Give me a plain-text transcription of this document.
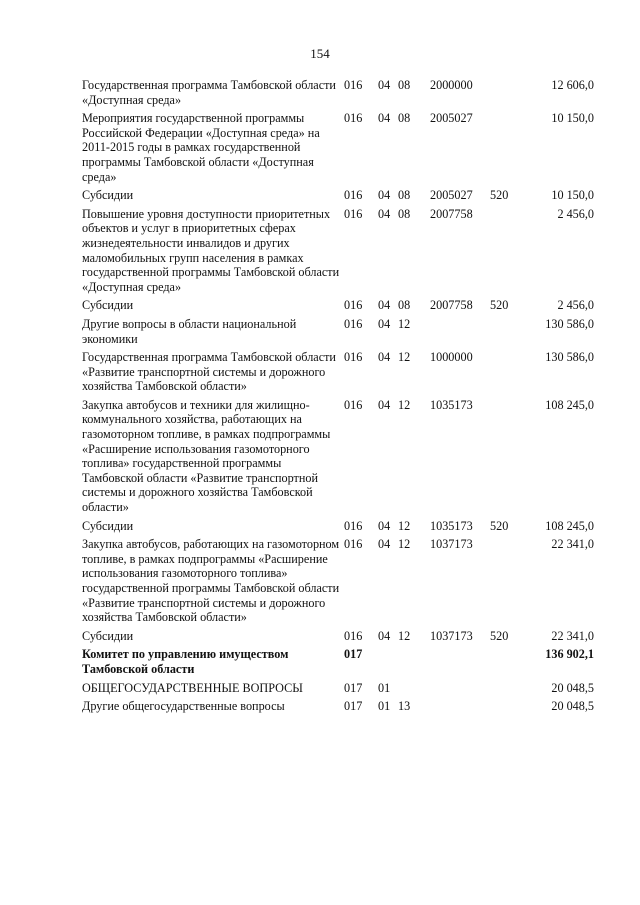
154
Государственная программа Тамбовской области «Доступная среда»	016	04	08	2000000		12 606,0
Мероприятия государственной программы Российской Федерации «Доступная среда» на 2011-2015 годы в рамках государственной программы Тамбовской области «Доступная среда»	016	04	08	2005027		10 150,0
Субсидии	016	04	08	2005027	520	10 150,0
Повышение уровня доступности приоритетных объектов и услуг в приоритетных сферах жизнедеятельности инвалидов и других маломобильных групп населения в рамках государственной программы Тамбовской области «Доступная среда»	016	04	08	2007758		2 456,0
Субсидии	016	04	08	2007758	520	2 456,0
Другие вопросы в области национальной экономики	016	04	12			130 586,0
Государственная программа Тамбовской области «Развитие транспортной системы и дорожного хозяйства Тамбовской области»	016	04	12	1000000		130 586,0
Закупка автобусов и техники для жилищно-коммунального хозяйства, работающих на газомоторном топливе, в рамках подпрограммы «Расширение использования газомоторного топлива» государственной программы Тамбовской области «Развитие транспортной системы и дорожного хозяйства Тамбовской области»	016	04	12	1035173		108 245,0
Субсидии	016	04	12	1035173	520	108 245,0
Закупка автобусов, работающих на газомоторном топливе, в рамках подпрограммы «Расширение использования газомоторного топлива» государственной программы Тамбовской области «Развитие транспортной системы и дорожного хозяйства Тамбовской области»	016	04	12	1037173		22 341,0
Субсидии	016	04	12	1037173	520	22 341,0
Комитет по управлению имуществом Тамбовской области	017					136 902,1
ОБЩЕГОСУДАРСТВЕННЫЕ ВОПРОСЫ	017	01				20 048,5
Другие общегосударственные вопросы	017	01	13			20 048,5
